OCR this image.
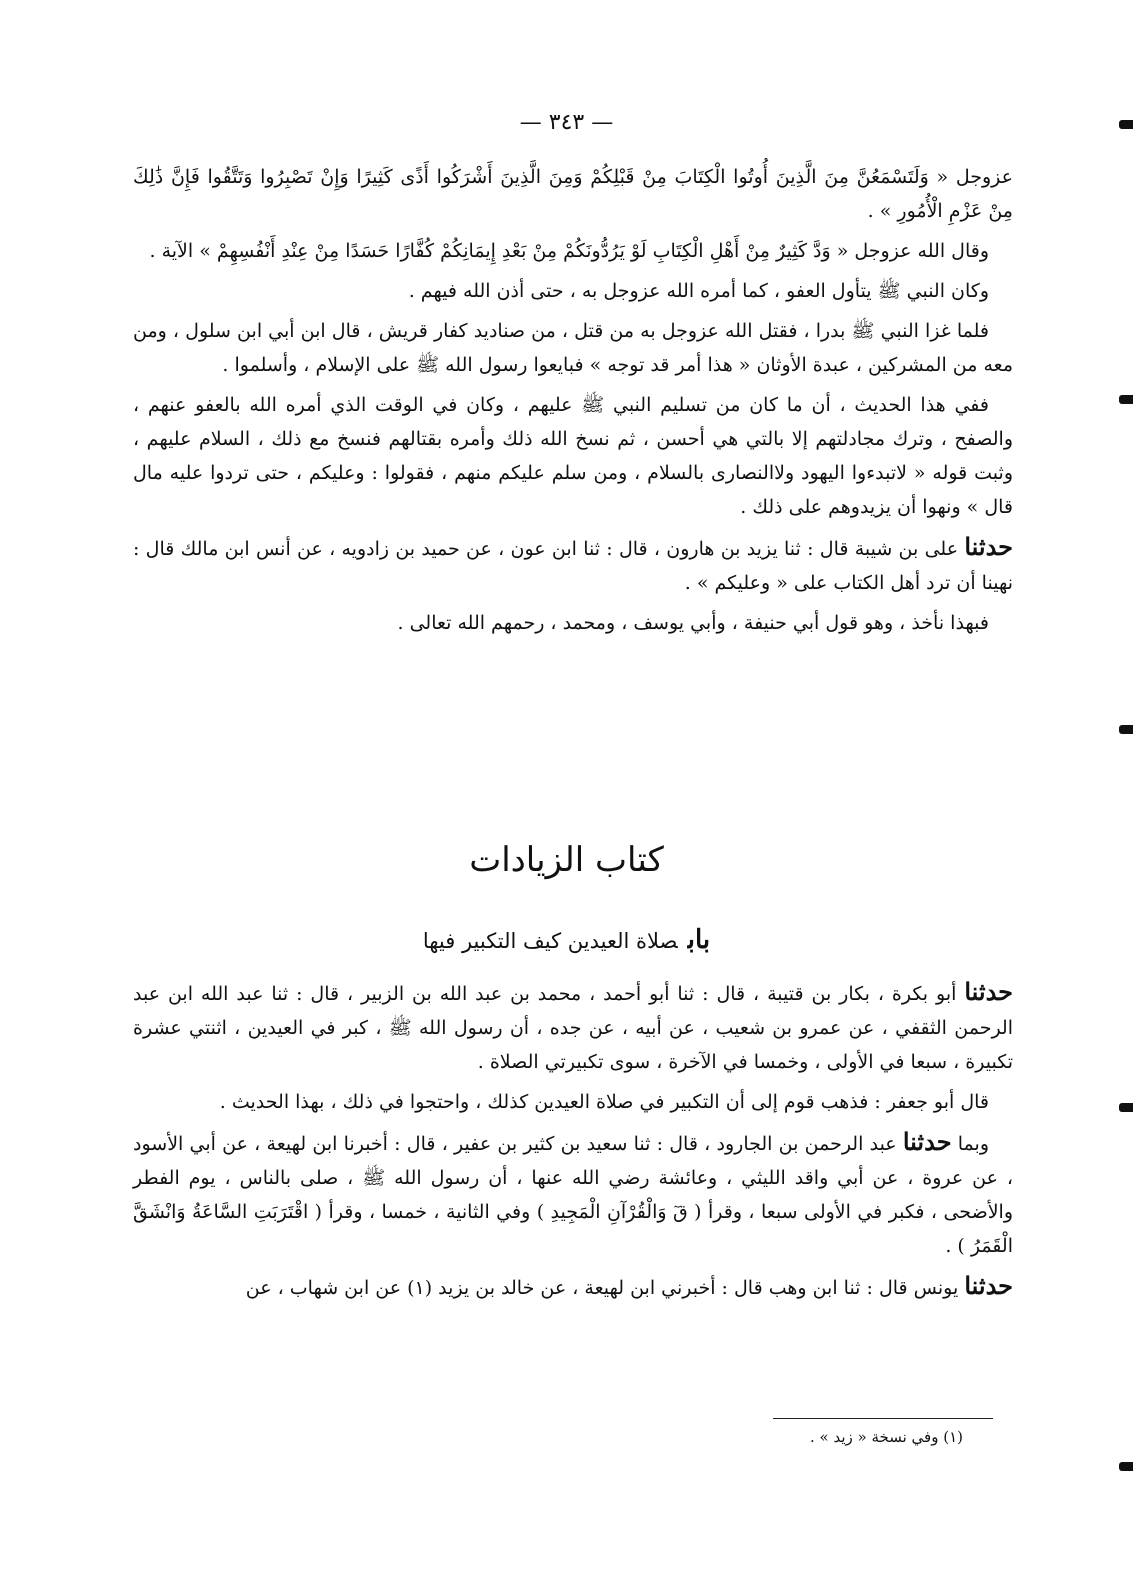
— ٣٤٣ —

عزوجل « وَلَتَسْمَعُنَّ مِنَ الَّذِينَ أُوتُوا الْكِتَابَ مِنْ قَبْلِكُمْ وَمِنَ الَّذِينَ أَشْرَكُوا أَذًى كَثِيرًا وَإِنْ تَصْبِرُوا وَتَتَّقُوا فَإِنَّ ذَٰلِكَ مِنْ عَزْمِ الْأُمُورِ » .

وقال الله عزوجل « وَدَّ كَثِيرٌ مِنْ أَهْلِ الْكِتَابِ لَوْ يَرُدُّونَكُمْ مِنْ بَعْدِ إِيمَانِكُمْ كُفَّارًا حَسَدًا مِنْ عِنْدِ أَنْفُسِهِمْ » الآية .

وكان النبي ﷺ يتأول العفو ، كما أمره الله عزوجل به ، حتى أذن الله فيهم .

فلما غزا النبي ﷺ بدرا ، فقتل الله عزوجل به من قتل ، من صناديد كفار قريش ، قال ابن أبي ابن سلول ، ومن معه من المشركين ، عبدة الأوثان « هذا أمر قد توجه » فبايعوا رسول الله ﷺ على الإسلام ، وأسلموا .

ففي هذا الحديث ، أن ما كان من تسليم النبي ﷺ عليهم ، وكان في الوقت الذي أمره الله بالعفو عنهم ، والصفح ، وترك مجادلتهم إلا بالتي هي أحسن ، ثم نسخ الله ذلك وأمره بقتالهم فنسخ مع ذلك ، السلام عليهم ، وثبت قوله « لاتبدءوا اليهود ولاالنصارى بالسلام ، ومن سلم عليكم منهم ، فقولوا : وعليكم ، حتى تردوا عليه مال قال » ونهوا أن يزيدوهم على ذلك .

حدثنا على بن شيبة قال : ثنا يزيد بن هارون ، قال : ثنا ابن عون ، عن حميد بن زادويه ، عن أنس ابن مالك قال : نهينا أن ترد أهل الكتاب على « وعليكم » .

فبهذا نأخذ ، وهو قول أبي حنيفة ، وأبي يوسف ، ومحمد ، رحمهم الله تعالى .

كتاب الزيادات
بابصلاة العيدين كيف التكبير فيها

حدثنا أبو بكرة ، بكار بن قتيبة ، قال : ثنا أبو أحمد ، محمد بن عبد الله بن الزبير ، قال : ثنا عبد الله ابن عبد الرحمن الثقفي ، عن عمرو بن شعيب ، عن أبيه ، عن جده ، أن رسول الله ﷺ ، كبر في العيدين ، اثنتي عشرة تكبيرة ، سبعا في الأولى ، وخمسا في الآخرة ، سوى تكبيرتي الصلاة .

قال أبو جعفر : فذهب قوم إلى أن التكبير في صلاة العيدين كذلك ، واحتجوا في ذلك ، بهذا الحديث .

وبما حدثنا عبد الرحمن بن الجارود ، قال : ثنا سعيد بن كثير بن عفير ، قال : أخبرنا ابن لهيعة ، عن أبي الأسود ، عن عروة ، عن أبي واقد الليثي ، وعائشة رضي الله عنها ، أن رسول الله ﷺ ، صلى بالناس ، يوم الفطر والأضحى ، فكبر في الأولى سبعا ، وقرأ ( قٓ وَالْقُرْآنِ الْمَجِيدِ ) وفي الثانية ، خمسا ، وقرأ ( اقْتَرَبَتِ السَّاعَةُ وَانْشَقَّ الْقَمَرُ ) .

حدثنا يونس قال : ثنا ابن وهب قال : أخبرني ابن لهيعة ، عن خالد بن يزيد (١) عن ابن شهاب ، عن

(١) وفي نسخة « زيد » .
